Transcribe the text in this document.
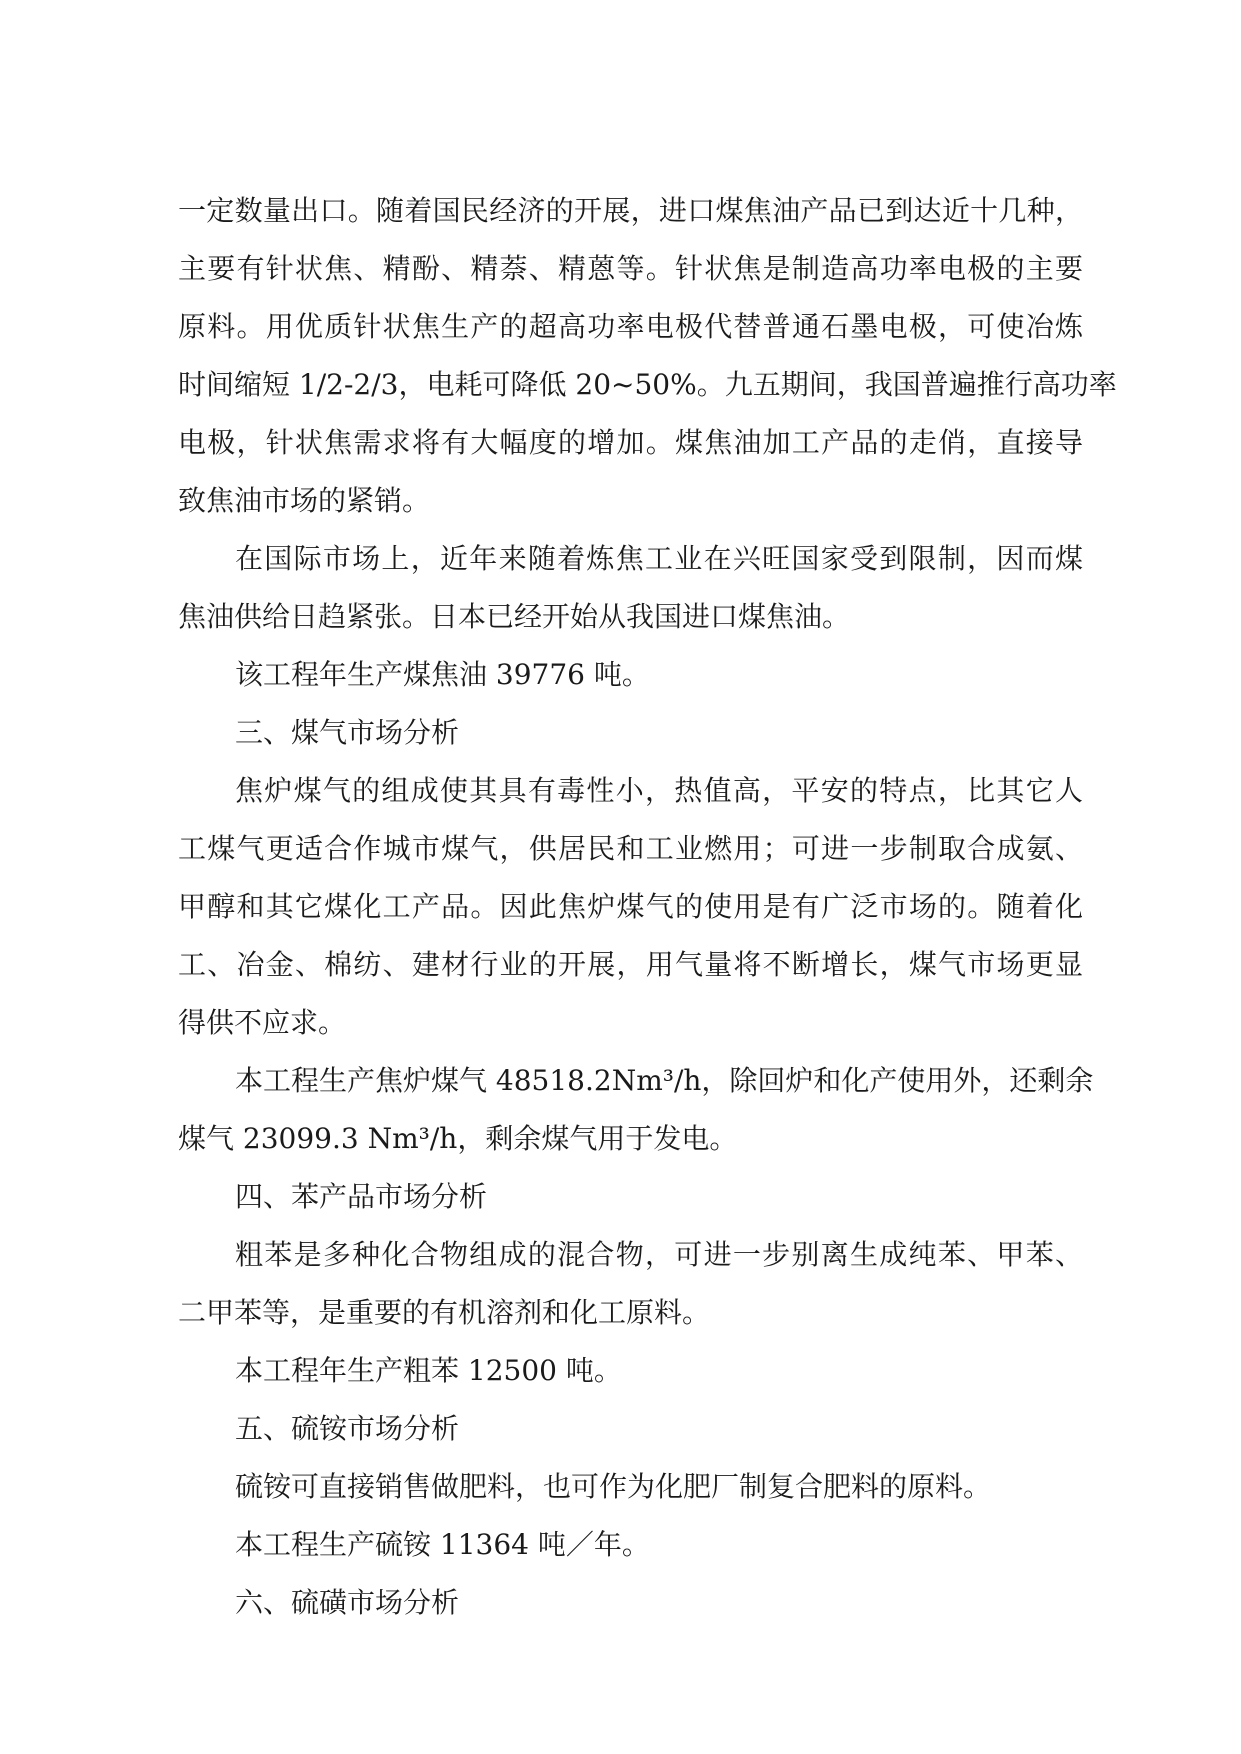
一定数量出口。随着国民经济的开展，进口煤焦油产品已到达近十几种，
主要有针状焦、精酚、精萘、精蒽等。针状焦是制造高功率电极的主要
原料。用优质针状焦生产的超高功率电极代替普通石墨电极，可使冶炼
时间缩短 1/2-2/3，电耗可降低 20~50%。九五期间，我国普遍推行高功率
电极，针状焦需求将有大幅度的增加。煤焦油加工产品的走俏，直接导
致焦油市场的紧销。
在国际市场上，近年来随着炼焦工业在兴旺国家受到限制，因而煤
焦油供给日趋紧张。日本已经开始从我国进口煤焦油。
该工程年生产煤焦油 39776 吨。
三、煤气市场分析
焦炉煤气的组成使其具有毒性小，热值高，平安的特点，比其它人
工煤气更适合作城市煤气，供居民和工业燃用；可进一步制取合成氨、
甲醇和其它煤化工产品。因此焦炉煤气的使用是有广泛市场的。随着化
工、冶金、棉纺、建材行业的开展，用气量将不断增长，煤气市场更显
得供不应求。
本工程生产焦炉煤气 48518.2Nm³/h，除回炉和化产使用外，还剩余
煤气 23099.3 Nm³/h，剩余煤气用于发电。
四、苯产品市场分析
粗苯是多种化合物组成的混合物，可进一步别离生成纯苯、甲苯、
二甲苯等，是重要的有机溶剂和化工原料。
本工程年生产粗苯 12500 吨。
五、硫铵市场分析
硫铵可直接销售做肥料，也可作为化肥厂制复合肥料的原料。
本工程生产硫铵 11364 吨／年。
六、硫磺市场分析
